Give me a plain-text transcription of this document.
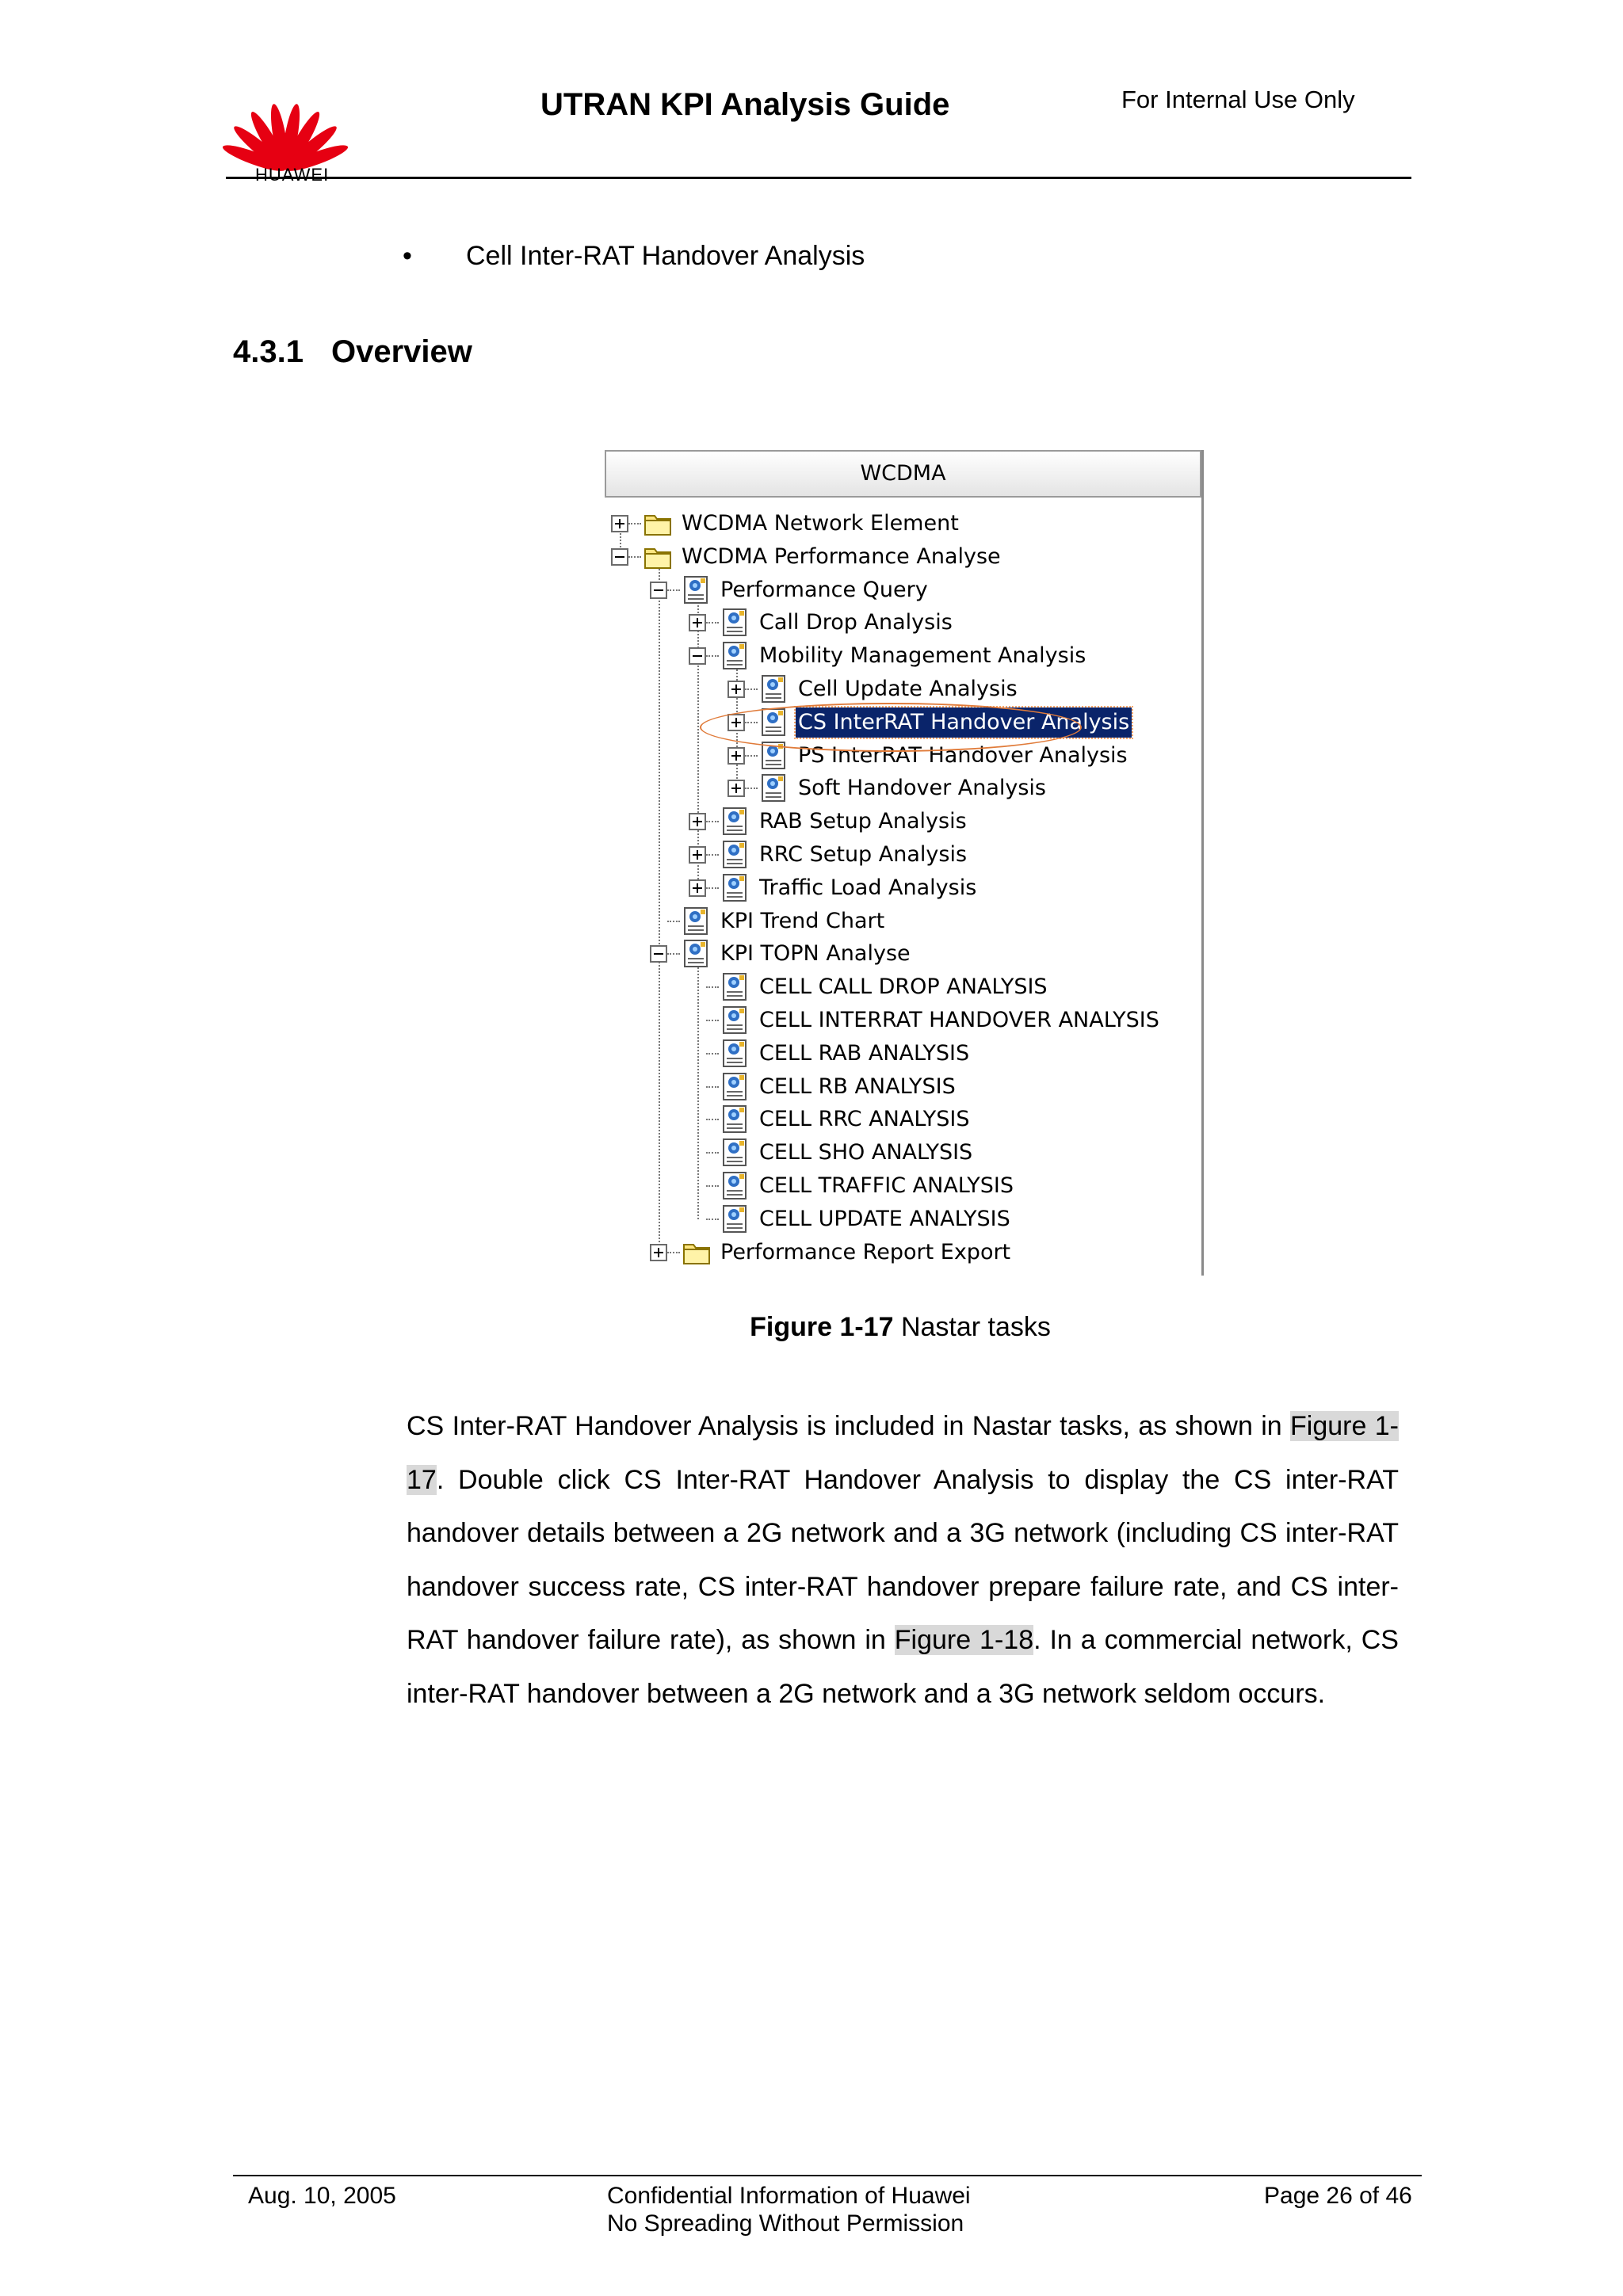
HUAWEI
UTRAN KPI Analysis Guide	For Internal Use Only
• Cell Inter-RAT Handover Analysis
4.3.1 Overview
WCDMA
WCDMA Network Element
WCDMA Performance Analyse
Performance Query
Call Drop Analysis
Mobility Management Analysis
Cell Update Analysis
CS InterRAT Handover Analysis
PS InterRAT Handover Analysis
Soft Handover Analysis
RAB Setup Analysis
RRC Setup Analysis
Traffic Load Analysis
KPI Trend Chart
KPI TOPN Analyse
CELL CALL DROP ANALYSIS
CELL INTERRAT HANDOVER ANALYSIS
CELL RAB ANALYSIS
CELL RB ANALYSIS
CELL RRC ANALYSIS
CELL SHO ANALYSIS
CELL TRAFFIC ANALYSIS
CELL UPDATE ANALYSIS
Performance Report Export
Figure 1-17 Nastar tasks
CS Inter-RAT Handover Analysis is included in Nastar tasks, as shown in Figure 1-17. Double click CS Inter-RAT Handover Analysis to display the CS inter-RAT handover details between a 2G network and a 3G network (including CS inter-RAT handover success rate, CS inter-RAT handover prepare failure rate, and CS inter-RAT handover failure rate), as shown in Figure 1-18. In a commercial network, CS inter-RAT handover between a 2G network and a 3G network seldom occurs.
Aug. 10, 2005	Confidential Information of Huawei
No Spreading Without Permission
Page 26 of 46
